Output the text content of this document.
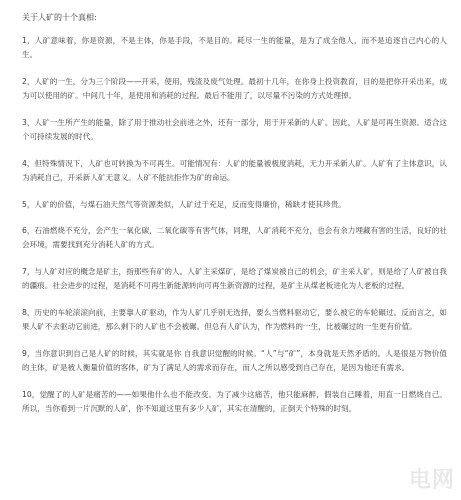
关于人矿的十个真相:

1，人矿意味着，你是资源，不是主体，你是手段，不是目的。耗尽一生的能量，是为了成全他人，而不是追逐自己内心的人生。

2，人矿的一生，分为三个阶段——开采，使用，残渣及废气处理。最初十几年，在你身上投资教育，目的是把你开采出来，成为可以使用的矿。中间几十年，是使用和消耗的过程。最后不能用了，以尽量不污染的方式处理掉。

3，人矿一生所产生的能量，除了用于推动社会前进之外，还有一部分，用于开采新的人矿。因此，人矿是可再生资源。适合这个可持续发展的时代。

4，但特殊情况下，人矿也可转换为不可再生。可能情况有：人矿的能量被极度消耗，无力开采新人矿。人矿有了主体意识，认为消耗自己，开采新人矿无意义。人矿不能抗拒作为矿的命运。

5，人矿的价值，与煤石油天然气等资源类似，人矿过于充足，反而变得廉价，稀缺才使其珍贵。

6，石油燃烧不充分，会产生一氧化碳，二氧化碳等有害气体，同理，人矿消耗不充分，也会有余力埋藏有害的生活，良好的社会环境，需要找到充分消耗人矿的方式。

7，与人矿对应的概念是矿主，指那些有矿的人。人矿主采煤矿，是给了煤炭被自己的机会，矿主采人矿，则是给了人矿被自我的疆痕。社会进步的过程，是消耗不可再生新能源转向可再生新资源的过程，是矿主从煤老板进化为人老板的过程。

8，历史的车轮滚滚向前，主要靠人矿驱动，作为人矿几乎别无选择，要么当燃料驱动它，要么被它的车轮碾过。反而言之，如果人矿不去驱动它前进，那么剩下的人矿也不会被碾。但总有人矿认为，作为燃料的一生，比被碾过的一生更有价值。

9，当你意识到自己是人矿的时候，其实就是你 自我意识觉醒的时候。“人”与“矿”，本身就是天然矛盾的。人是很是万物价值的主体，矿是被人衡量价值的客体，矿为了满足人的需求而存在，而人之所以感受到自己存在，是因为他还有需求。

10，觉醒了的人矿是痛苦的——如果他什么也不能改变。为了减少这痛苦，他只能麻醉，假装自己睡着，用直一日燃烧自己。所以，当你看到一片沉默的人矿，你不知道这里有多少人矿，其实在清醒的，正倒天个特殊的时刻。

电网
